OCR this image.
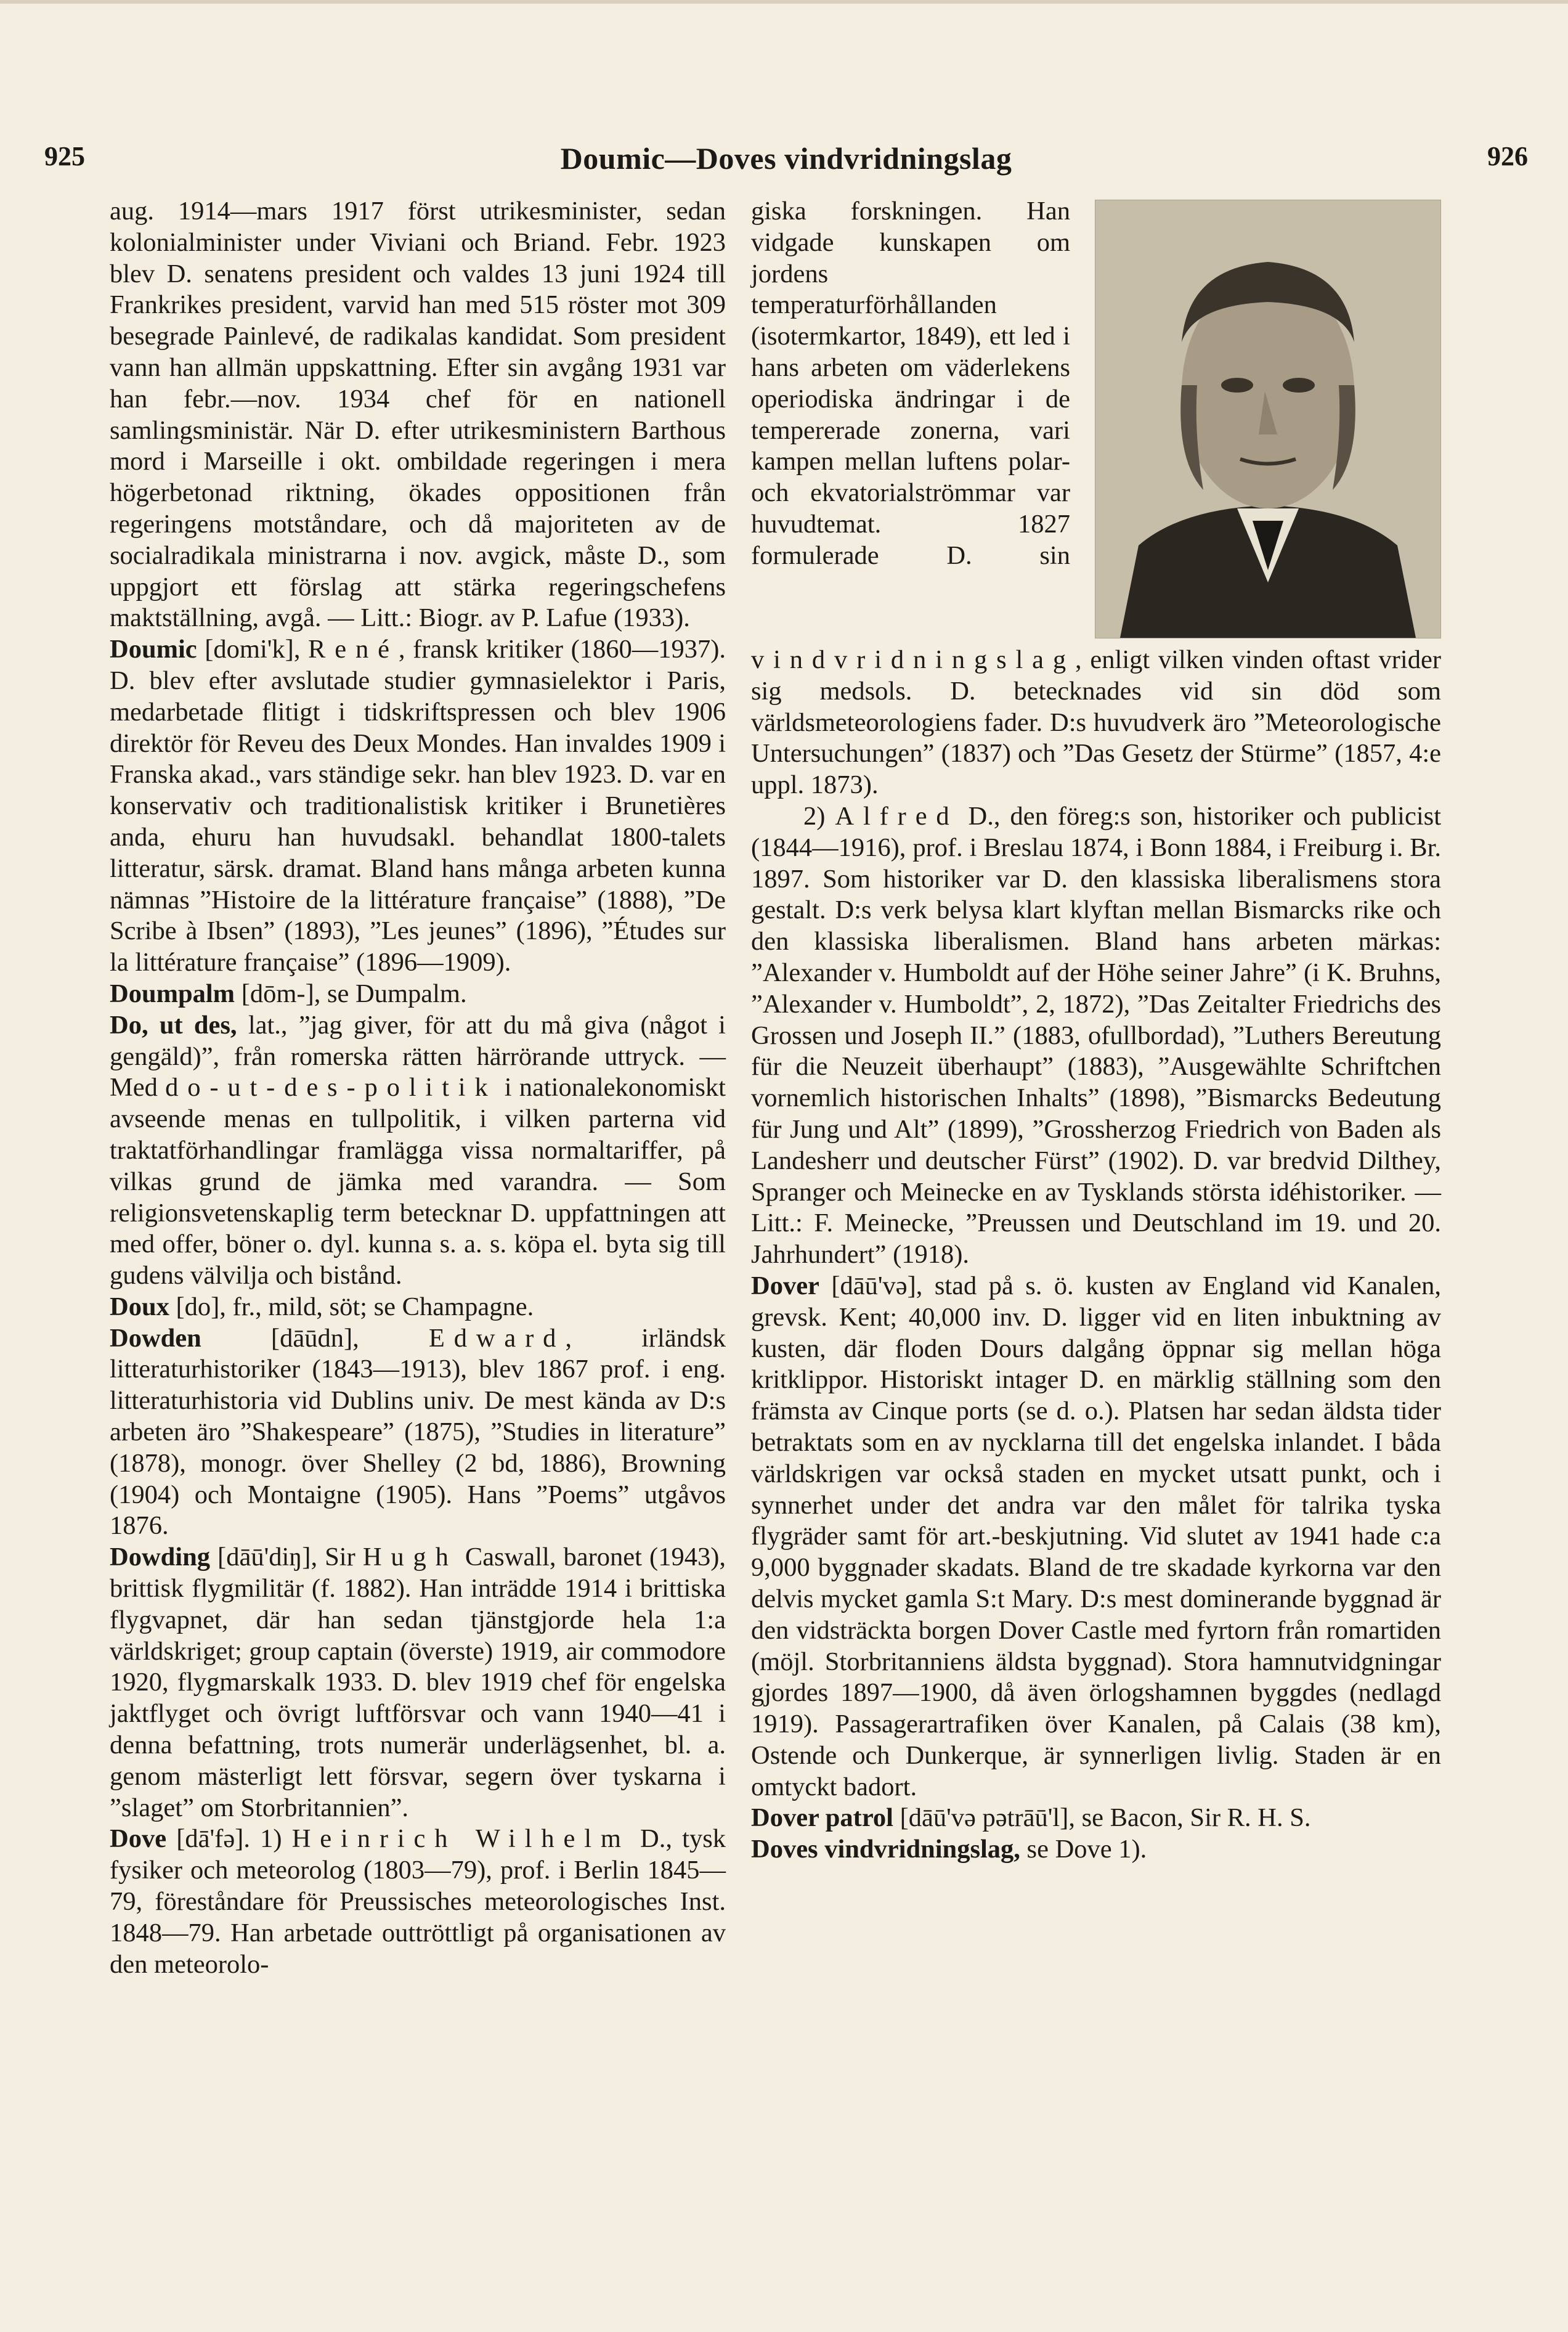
925	Doumic—Doves vindvridningslag	926

aug. 1914—mars 1917 först utrikesminister, sedan kolonialminister under Viviani och Briand. Febr. 1923 blev D. senatens president och valdes 13 juni 1924 till Frankrikes president, varvid han med 515 röster mot 309 besegrade Painlevé, de radikalas kandidat. Som president vann han allmän uppskattning. Efter sin avgång 1931 var han febr.—nov. 1934 chef för en nationell samlingsministär. När D. efter utrikesministern Barthous mord i Marseille i okt. ombildade regeringen i mera högerbetonad riktning, ökades oppositionen från regeringens motståndare, och då majoriteten av de socialradikala ministrarna i nov. avgick, måste D., som uppgjort ett förslag att stärka regeringschefens maktställning, avgå. — Litt.: Biogr. av P. Lafue (1933).

Doumic [domi'k], René, fransk kritiker (1860—1937). D. blev efter avslutade studier gymnasielektor i Paris, medarbetade flitigt i tidskriftspressen och blev 1906 direktör för Reveu des Deux Mondes. Han invaldes 1909 i Franska akad., vars ständige sekr. han blev 1923. D. var en konservativ och traditionalistisk kritiker i Brunetières anda, ehuru han huvudsakl. behandlat 1800-talets litteratur, särsk. dramat. Bland hans många arbeten kunna nämnas ”Histoire de la littérature française” (1888), ”De Scribe à Ibsen” (1893), ”Les jeunes” (1896), ”Études sur la littérature française” (1896—1909).

Doumpalm [dōm-], se Dumpalm.

Do, ut des, lat., ”jag giver, för att du må giva (något i gengäld)”, från romerska rätten härrörande uttryck. — Med do-ut-des-politik i nationalekonomiskt avseende menas en tullpolitik, i vilken parterna vid traktatförhandlingar framlägga vissa normaltariffer, på vilkas grund de jämka med varandra. — Som religionsvetenskaplig term betecknar D. uppfattningen att med offer, böner o. dyl. kunna s. a. s. köpa el. byta sig till gudens välvilja och bistånd.

Doux [do], fr., mild, söt; se Champagne.

Dowden [dāūdn], Edward, irländsk litteraturhistoriker (1843—1913), blev 1867 prof. i eng. litteraturhistoria vid Dublins univ. De mest kända av D:s arbeten äro ”Shakespeare” (1875), ”Studies in literature” (1878), monogr. över Shelley (2 bd, 1886), Browning (1904) och Montaigne (1905). Hans ”Poems” utgåvos 1876.

Dowding [dāū'diŋ], Sir Hugh Caswall, baronet (1943), brittisk flygmilitär (f. 1882). Han inträdde 1914 i brittiska flygvapnet, där han sedan tjänstgjorde hela 1:a världskriget; group captain (överste) 1919, air commodore 1920, flygmarskalk 1933. D. blev 1919 chef för engelska jaktflyget och övrigt luftförsvar och vann 1940—41 i denna befattning, trots numerär underlägsenhet, bl. a. genom mästerligt lett försvar, segern över tyskarna i ”slaget” om Storbritannien”.

Dove [dā'fə]. 1) Heinrich Wilhelm D., tysk fysiker och meteorolog (1803—79), prof. i Berlin 1845—79, föreståndare för Preussisches meteorologisches Inst. 1848—79. Han arbetade outtröttligt på organisationen av den meteorolo-

giska forskningen. Han vidgade kunskapen om jordens temperaturförhållanden (isotermkartor, 1849), ett led i hans arbeten om väderlekens operiodiska ändringar i de tempererade zonerna, vari kampen mellan luftens polar- och ekvatorialströmmar var huvudtemat. 1827 formulerade D. sin vindvridningslag, enligt vilken vinden oftast vrider sig medsols. D. betecknades vid sin död som världsmeteorologiens fader. D:s huvudverk äro ”Meteorologische Untersuchungen” (1837) och ”Das Gesetz der Stürme” (1857, 4:e uppl. 1873).

2) Alfred D., den föreg:s son, historiker och publicist (1844—1916), prof. i Breslau 1874, i Bonn 1884, i Freiburg i. Br. 1897. Som historiker var D. den klassiska liberalismens stora gestalt. D:s verk belysa klart klyftan mellan Bismarcks rike och den klassiska liberalismen. Bland hans arbeten märkas: ”Alexander v. Humboldt auf der Höhe seiner Jahre” (i K. Bruhns, ”Alexander v. Humboldt”, 2, 1872), ”Das Zeitalter Friedrichs des Grossen und Joseph II.” (1883, ofullbordad), ”Luthers Bereutung für die Neuzeit überhaupt” (1883), ”Ausgewählte Schriftchen vornemlich historischen Inhalts” (1898), ”Bismarcks Bedeutung für Jung und Alt” (1899), ”Grossherzog Friedrich von Baden als Landesherr und deutscher Fürst” (1902). D. var bredvid Dilthey, Spranger och Meinecke en av Tysklands största idéhistoriker. — Litt.: F. Meinecke, ”Preussen und Deutschland im 19. und 20. Jahrhundert” (1918).

Dover [dāū'və], stad på s. ö. kusten av England vid Kanalen, grevsk. Kent; 40,000 inv. D. ligger vid en liten inbuktning av kusten, där floden Dours dalgång öppnar sig mellan höga kritklippor. Historiskt intager D. en märklig ställning som den främsta av Cinque ports (se d. o.). Platsen har sedan äldsta tider betraktats som en av nycklarna till det engelska inlandet. I båda världskrigen var också staden en mycket utsatt punkt, och i synnerhet under det andra var den målet för talrika tyska flygräder samt för art.-beskjutning. Vid slutet av 1941 hade c:a 9,000 byggnader skadats. Bland de tre skadade kyrkorna var den delvis mycket gamla S:t Mary. D:s mest dominerande byggnad är den vidsträckta borgen Dover Castle med fyrtorn från romartiden (möjl. Storbritanniens äldsta byggnad). Stora hamnutvidgningar gjordes 1897—1900, då även örlogshamnen byggdes (nedlagd 1919). Passagerartrafiken över Kanalen, på Calais (38 km), Ostende och Dunkerque, är synnerligen livlig. Staden är en omtyckt badort.

Dover patrol [dāū'və pətrāū'l], se Bacon, Sir R. H. S.

Doves vindvridningslag, se Dove 1).
